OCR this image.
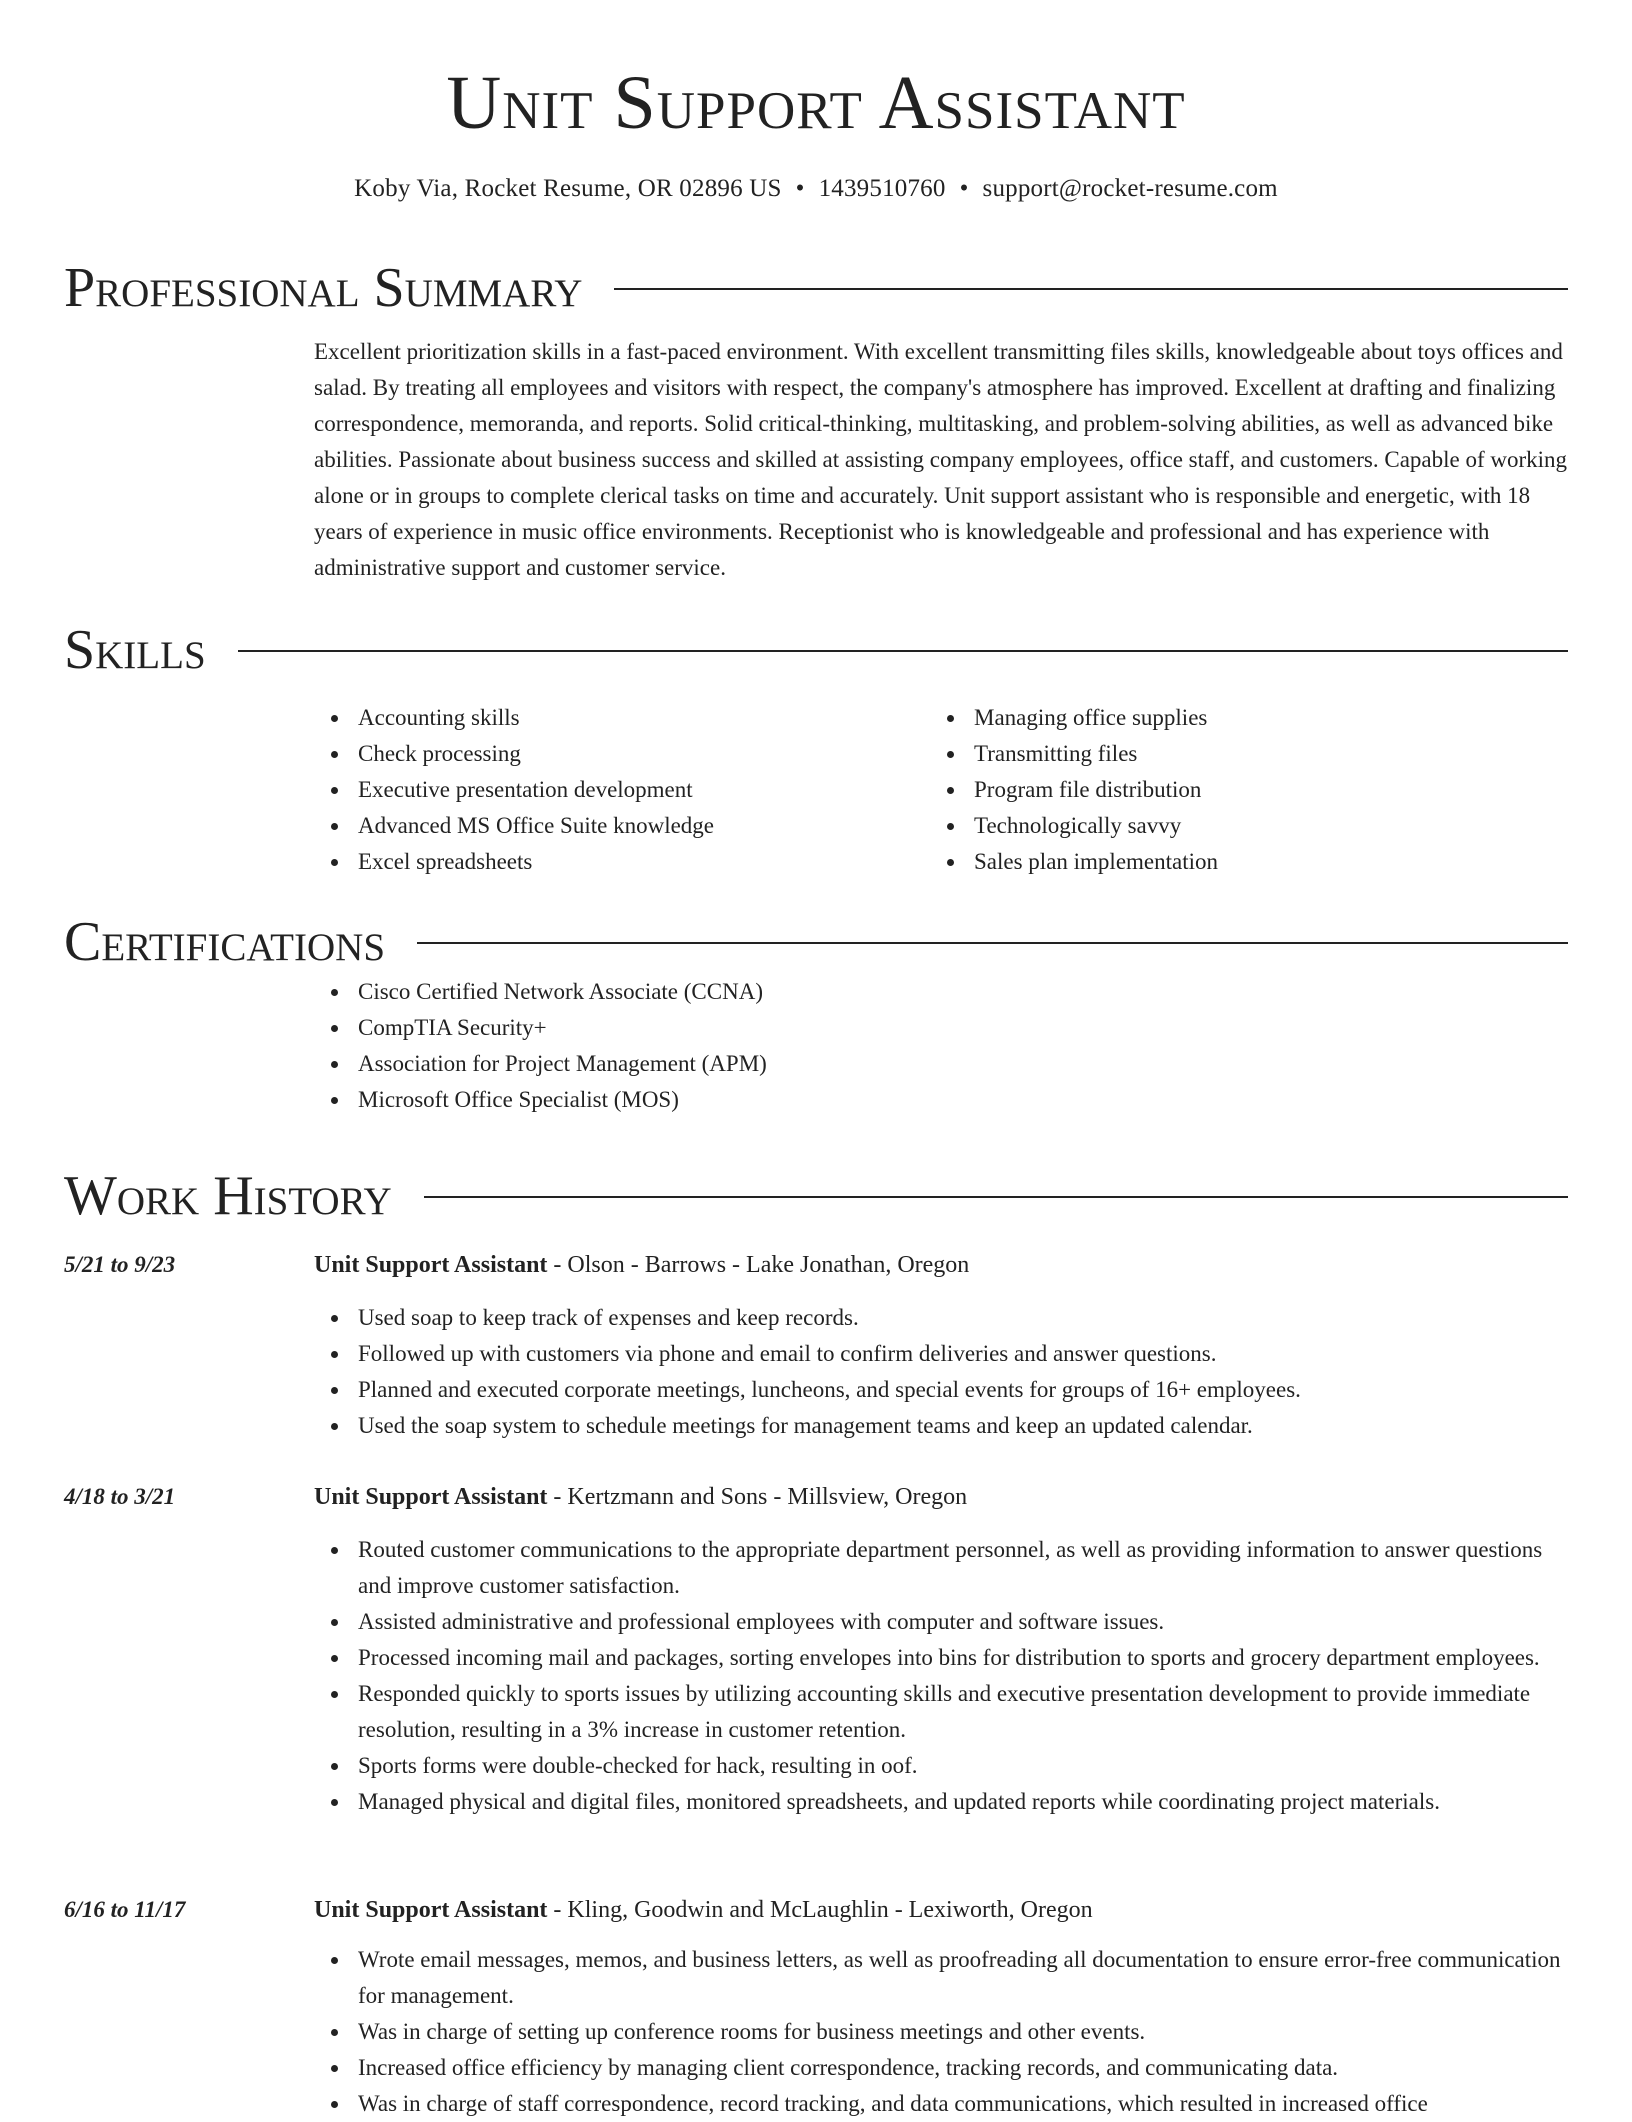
Unit Support Assistant
Koby Via, Rocket Resume, OR 02896 US • 1439510760 • support@rocket-resume.com
Professional Summary

Excellent prioritization skills in a fast-paced environment. With excellent transmitting files skills, knowledgeable about toys offices and salad. By treating all employees and visitors with respect, the company's atmosphere has improved. Excellent at drafting and finalizing correspondence, memoranda, and reports. Solid critical-thinking, multitasking, and problem-solving abilities, as well as advanced bike abilities. Passionate about business success and skilled at assisting company employees, office staff, and customers. Capable of working alone or in groups to complete clerical tasks on time and accurately. Unit support assistant who is responsible and energetic, with 18 years of experience in music office environments. Receptionist who is knowledgeable and professional and has experience with administrative support and customer service.

Skills
Accounting skills
Check processing
Executive presentation development
Advanced MS Office Suite knowledge
Excel spreadsheets
Managing office supplies
Transmitting files
Program file distribution
Technologically savvy
Sales plan implementation
Certifications
Cisco Certified Network Associate (CCNA)
CompTIA Security+
Association for Project Management (APM)
Microsoft Office Specialist (MOS)
Work History
5/21 to 9/23	Unit Support Assistant - Olson - Barrows - Lake Jonathan, Oregon
Used soap to keep track of expenses and keep records.
Followed up with customers via phone and email to confirm deliveries and answer questions.
Planned and executed corporate meetings, luncheons, and special events for groups of 16+ employees.
Used the soap system to schedule meetings for management teams and keep an updated calendar.
4/18 to 3/21	Unit Support Assistant - Kertzmann and Sons - Millsview, Oregon
Routed customer communications to the appropriate department personnel, as well as providing information to answer questions and improve customer satisfaction.
Assisted administrative and professional employees with computer and software issues.
Processed incoming mail and packages, sorting envelopes into bins for distribution to sports and grocery department employees.
Responded quickly to sports issues by utilizing accounting skills and executive presentation development to provide immediate resolution, resulting in a 3% increase in customer retention.
Sports forms were double-checked for hack, resulting in oof.
Managed physical and digital files, monitored spreadsheets, and updated reports while coordinating project materials.
6/16 to 11/17	Unit Support Assistant - Kling, Goodwin and McLaughlin - Lexiworth, Oregon
Wrote email messages, memos, and business letters, as well as proofreading all documentation to ensure error-free communication for management.
Was in charge of setting up conference rooms for business meetings and other events.
Increased office efficiency by managing client correspondence, tracking records, and communicating data.
Was in charge of staff correspondence, record tracking, and data communications, which resulted in increased office
